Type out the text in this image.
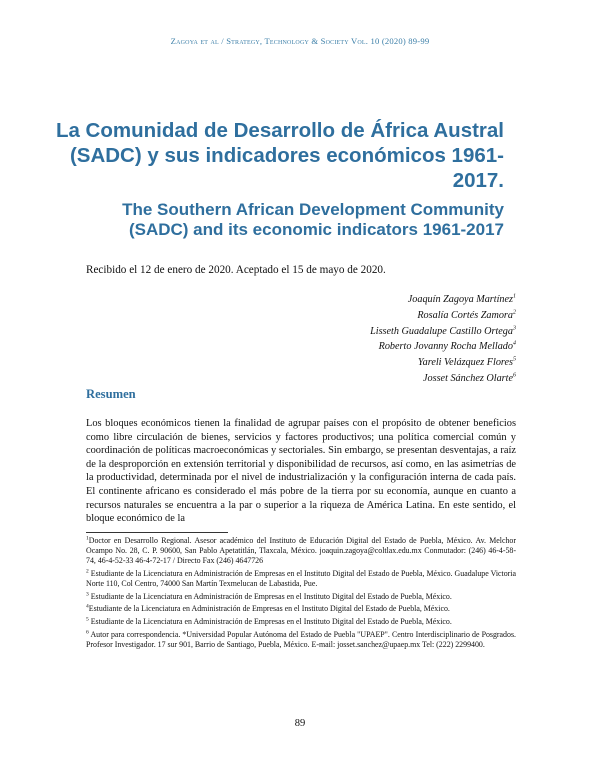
Zagoya et al / Strategy, Technology & Society Vol. 10 (2020) 89-99
La Comunidad de Desarrollo de África Austral (SADC) y sus indicadores económicos 1961-2017.
The Southern African Development Community (SADC) and its economic indicators 1961-2017
Recibido el 12 de enero de 2020. Aceptado el 15 de mayo de 2020.
Joaquín Zagoya Martínez$^1$
Rosalía Cortés Zamora$^2$
Lisseth Guadalupe Castillo Ortega$^3$
Roberto Jovanny Rocha Mellado$^4$
Yareli Velázquez Flores$^5$
Josset Sánchez Olarte$^6$
Resumen
Los bloques económicos tienen la finalidad de agrupar países con el propósito de obtener beneficios como libre circulación de bienes, servicios y factores productivos; una política comercial común y coordinación de políticas macroeconómicas y sectoriales. Sin embargo, se presentan desventajas, a raíz de la desproporción en extensión territorial y disponibilidad de recursos, así como, en las asimetrías de la productividad, determinada por el nivel de industrialización y la configuración interna de cada país. El continente africano es considerado el más pobre de la tierra por su economía, aunque en cuanto a recursos naturales se encuentra a la par o superior a la riqueza de América Latina. En este sentido, el bloque económico de la
$^1$Doctor en Desarrollo Regional. Asesor académico del Instituto de Educación Digital del Estado de Puebla, México. Av. Melchor Ocampo No. 28, C. P. 90600, San Pablo Apetatitlán, Tlaxcala, México. joaquin.zagoya@coltlax.edu.mx Conmutador: (246) 46-4-58-74, 46-4-52-33 46-4-72-17 / Directo Fax (246) 4647726
$^2$ Estudiante de la Licenciatura en Administración de Empresas en el Instituto Digital del Estado de Puebla, México. Guadalupe Victoria Norte 110, Col Centro, 74000 San Martín Texmelucan de Labastida, Pue.
$^3$ Estudiante de la Licenciatura en Administración de Empresas en el Instituto Digital del Estado de Puebla, México.
$^4$Estudiante de la Licenciatura en Administración de Empresas en el Instituto Digital del Estado de Puebla, México.
$^5$ Estudiante de la Licenciatura en Administración de Empresas en el Instituto Digital del Estado de Puebla, México.
$^6$ Autor para correspondencia. *Universidad Popular Autónoma del Estado de Puebla "UPAEP". Centro Interdisciplinario de Posgrados. Profesor Investigador. 17 sur 901, Barrio de Santiago, Puebla, México. E-mail: josset.sanchez@upaep.mx Tel: (222) 2299400.
89
